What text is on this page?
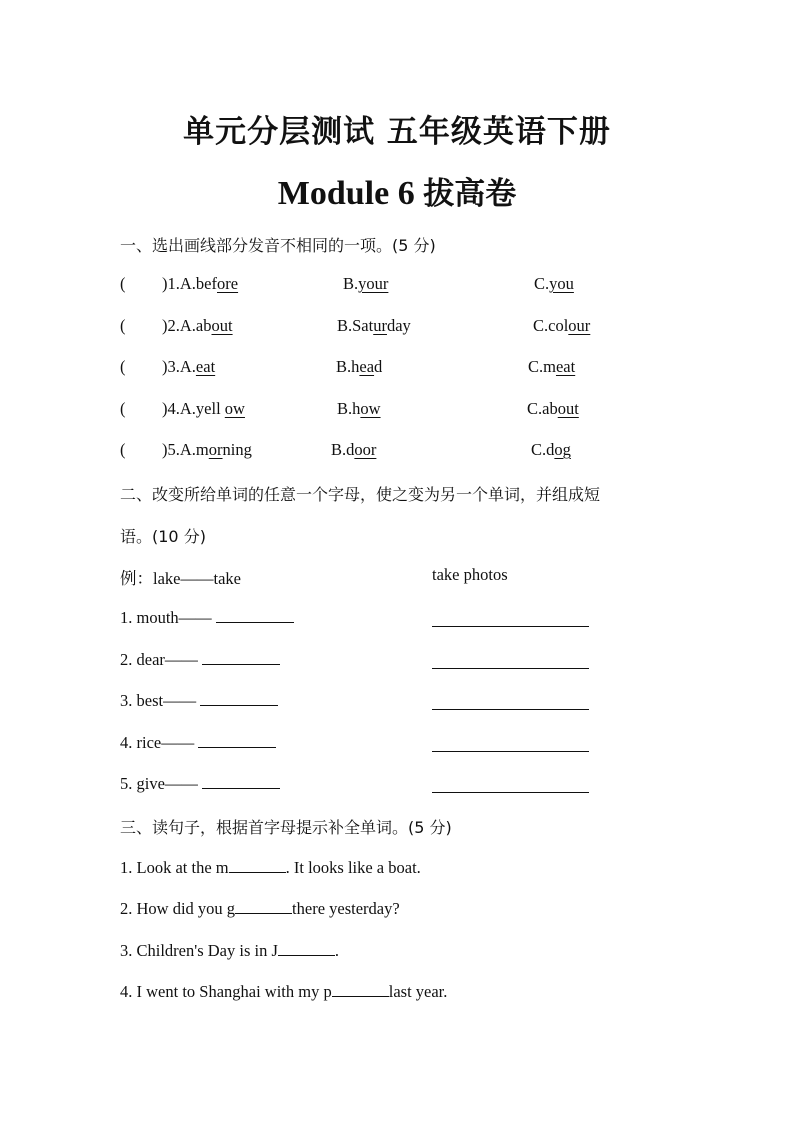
单元分层测试 五年级英语下册
Module 6 拔高卷
一、选出画线部分发音不相同的一项。(5 分)
( )1.A.before	B.your	C.you
( )2.A.about	B.Saturday	C.colour
( )3.A.eat	B.head	C.meat
( )4.A.yell ow	B.how	C.about
( )5.A.morning	B.door	C.dog
二、改变所给单词的任意一个字母，使之变为另一个单词，并组成短
语。(10 分)
例：lake——take	take photos
1. mouth——
2. dear——
3. best——
4. rice——
5. give——
三、读句子，根据首字母提示补全单词。(5 分)
1. Look at the m	. It looks like a boat.
2. How did you g	there yesterday?
3. Children's Day is in J	.
4. I went to Shanghai with my p	last year.
